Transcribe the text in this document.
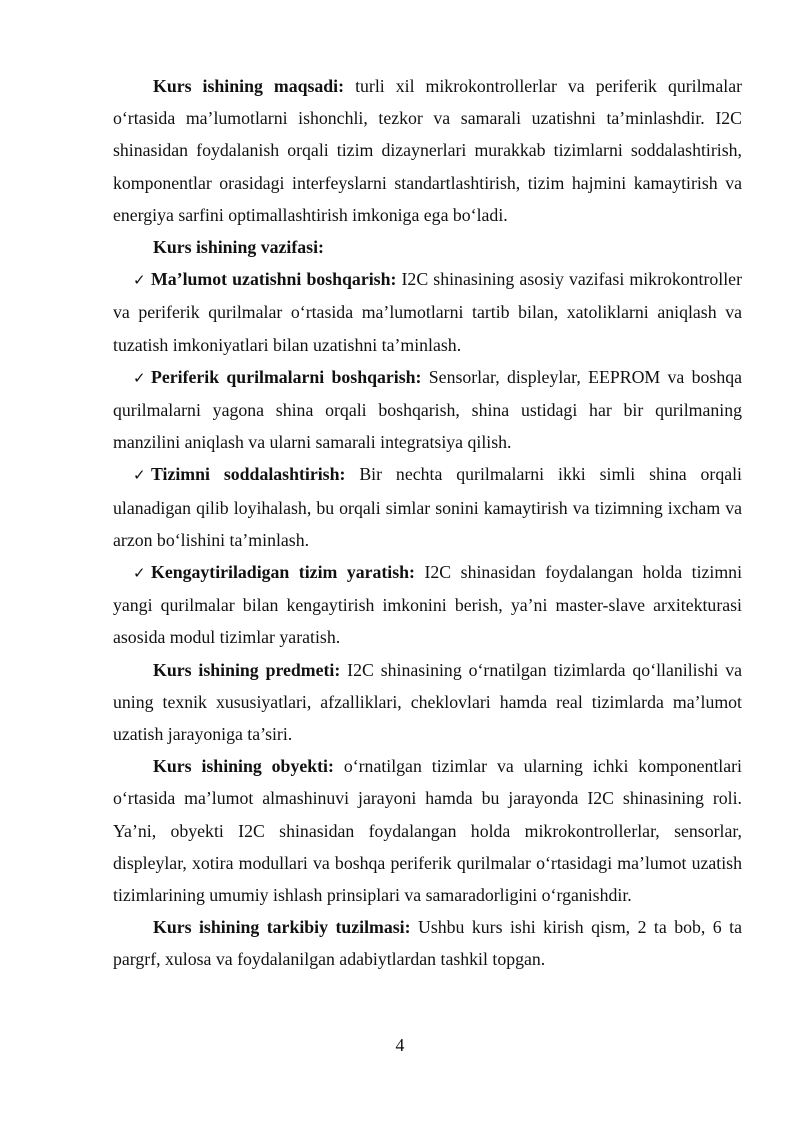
Kurs ishining maqsadi: turli xil mikrokontrollerlar va periferik qurilmalar o‘rtasida ma’lumotlarni ishonchli, tezkor va samarali uzatishni ta’minlashdir. I2C shinasidan foydalanish orqali tizim dizaynerlari murakkab tizimlarni soddalashtirish, komponentlar orasidagi interfeyslarni standartlashtirish, tizim hajmini kamaytirish va energiya sarfini optimallashtirish imkoniga ega bo‘ladi.

Kurs ishining vazifasi:

✓ Ma’lumot uzatishni boshqarish: I2C shinasining asosiy vazifasi mikrokontroller va periferik qurilmalar o‘rtasida ma’lumotlarni tartib bilan, xatoliklarni aniqlash va tuzatish imkoniyatlari bilan uzatishni ta’minlash.

✓ Periferik qurilmalarni boshqarish: Sensorlar, displeylar, EEPROM va boshqa qurilmalarni yagona shina orqali boshqarish, shina ustidagi har bir qurilmaning manzilini aniqlash va ularni samarali integratsiya qilish.

✓ Tizimni soddalashtirish: Bir nechta qurilmalarni ikki simli shina orqali ulanadigan qilib loyihalash, bu orqali simlar sonini kamaytirish va tizimning ixcham va arzon bo‘lishini ta’minlash.

✓ Kengaytiriladigan tizim yaratish: I2C shinasidan foydalangan holda tizimni yangi qurilmalar bilan kengaytirish imkonini berish, ya’ni master-slave arxitekturasi asosida modul tizimlar yaratish.

Kurs ishining predmeti: I2C shinasining o‘rnatilgan tizimlarda qo‘llanilishi va uning texnik xususiyatlari, afzalliklari, cheklovlari hamda real tizimlarda ma’lumot uzatish jarayoniga ta’siri.

Kurs ishining obyekti: o‘rnatilgan tizimlar va ularning ichki komponentlari o‘rtasida ma’lumot almashinuvi jarayoni hamda bu jarayonda I2C shinasining roli. Ya’ni, obyekti I2C shinasidan foydalangan holda mikrokontrollerlar, sensorlar, displeylar, xotira modullari va boshqa periferik qurilmalar o‘rtasidagi ma’lumot uzatish tizimlarining umumiy ishlash prinsiplari va samaradorligini o‘rganishdir.

Kurs ishining tarkibiy tuzilmasi: Ushbu kurs ishi kirish qism, 2 ta bob, 6 ta pargrf, xulosa va foydalanilgan adabiytlardan tashkil topgan.

4
